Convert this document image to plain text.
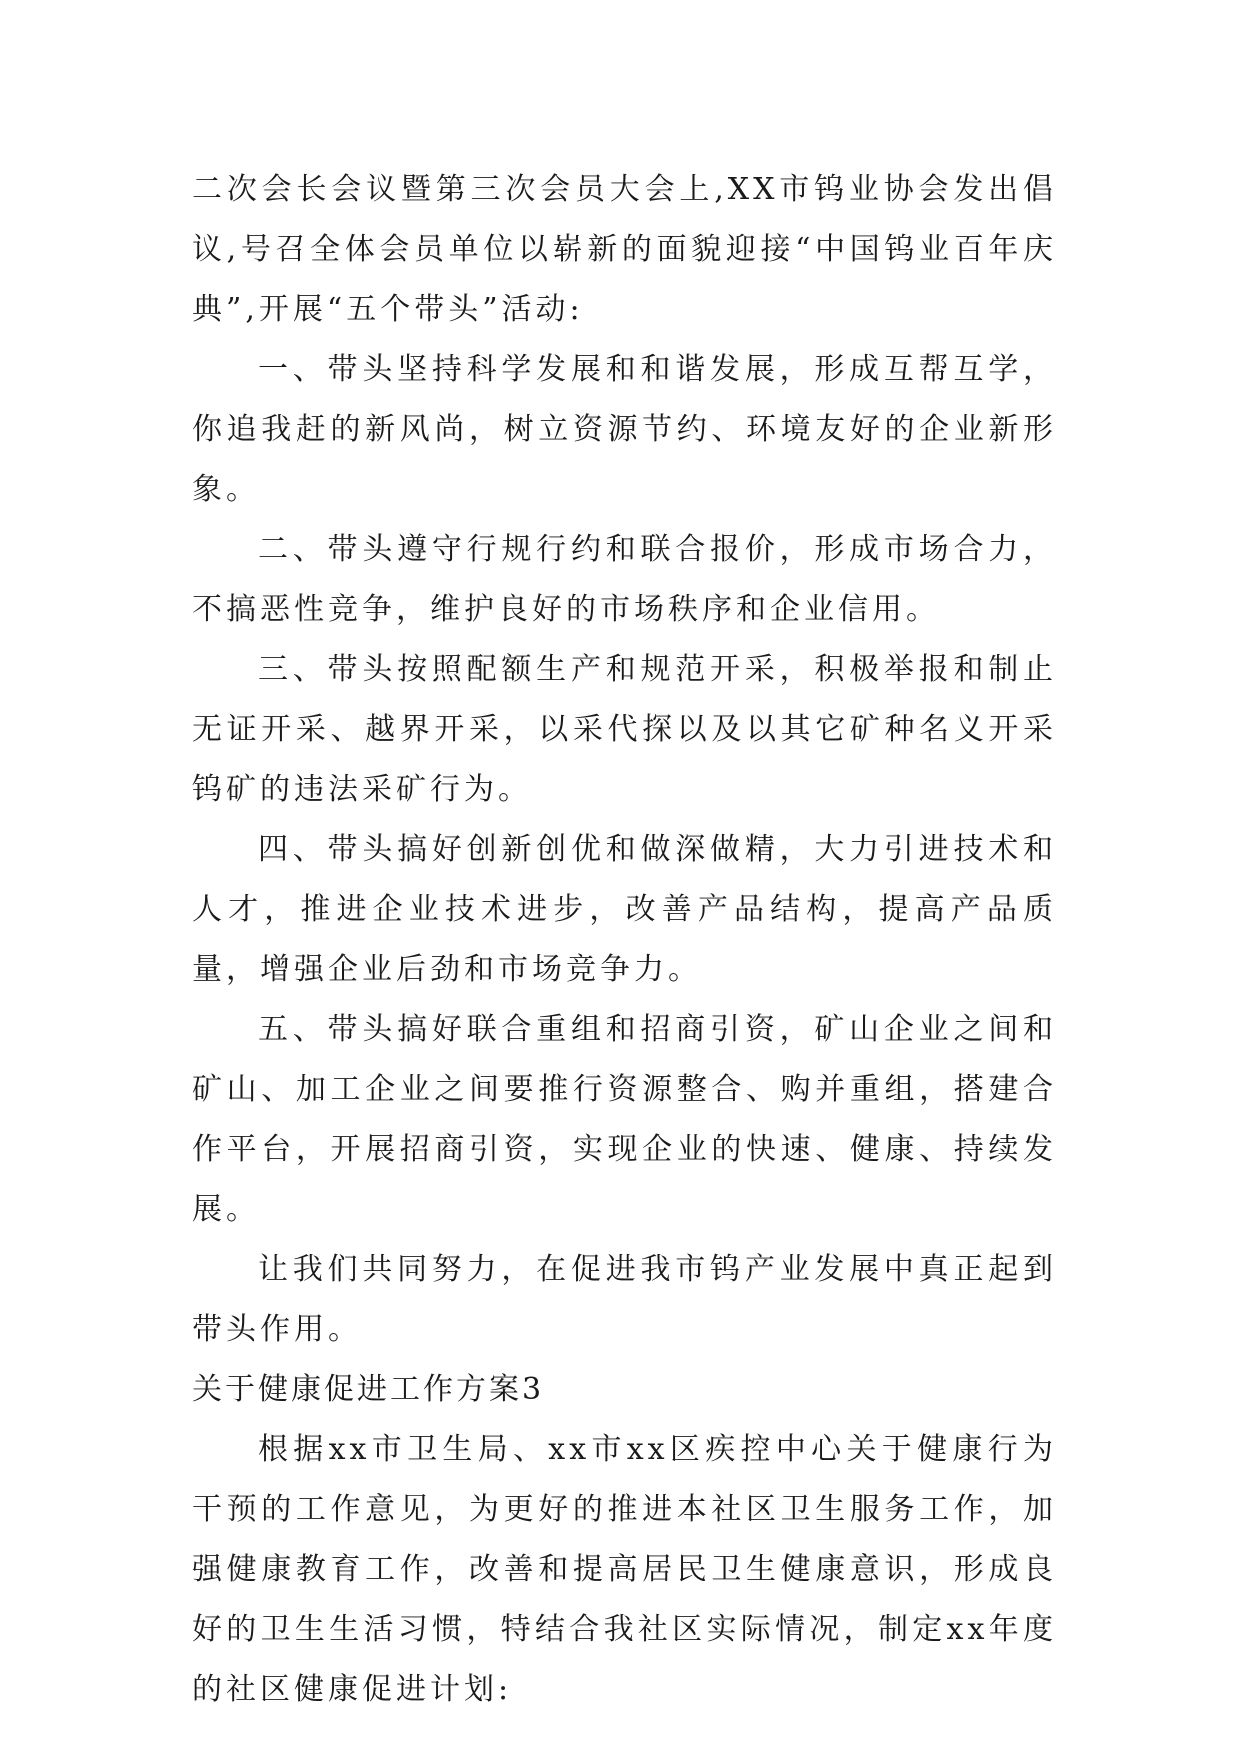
二次会长会议暨第三次会员大会上,XX市钨业协会发出倡议,号召全体会员单位以崭新的面貌迎接“中国钨业百年庆典”,开展“五个带头”活动:

一、带头坚持科学发展和和谐发展，形成互帮互学，你追我赶的新风尚，树立资源节约、环境友好的企业新形象。

二、带头遵守行规行约和联合报价，形成市场合力，不搞恶性竞争，维护良好的市场秩序和企业信用。

三、带头按照配额生产和规范开采，积极举报和制止无证开采、越界开采，以采代探以及以其它矿种名义开采钨矿的违法采矿行为。

四、带头搞好创新创优和做深做精，大力引进技术和人才，推进企业技术进步，改善产品结构，提高产品质量，增强企业后劲和市场竞争力。

五、带头搞好联合重组和招商引资，矿山企业之间和矿山、加工企业之间要推行资源整合、购并重组，搭建合作平台，开展招商引资，实现企业的快速、健康、持续发展。

让我们共同努力，在促进我市钨产业发展中真正起到带头作用。

关于健康促进工作方案3

根据xx市卫生局、xx市xx区疾控中心关于健康行为干预的工作意见，为更好的推进本社区卫生服务工作，加强健康教育工作，改善和提高居民卫生健康意识，形成良好的卫生生活习惯，特结合我社区实际情况，制定xx年度的社区健康促进计划:
